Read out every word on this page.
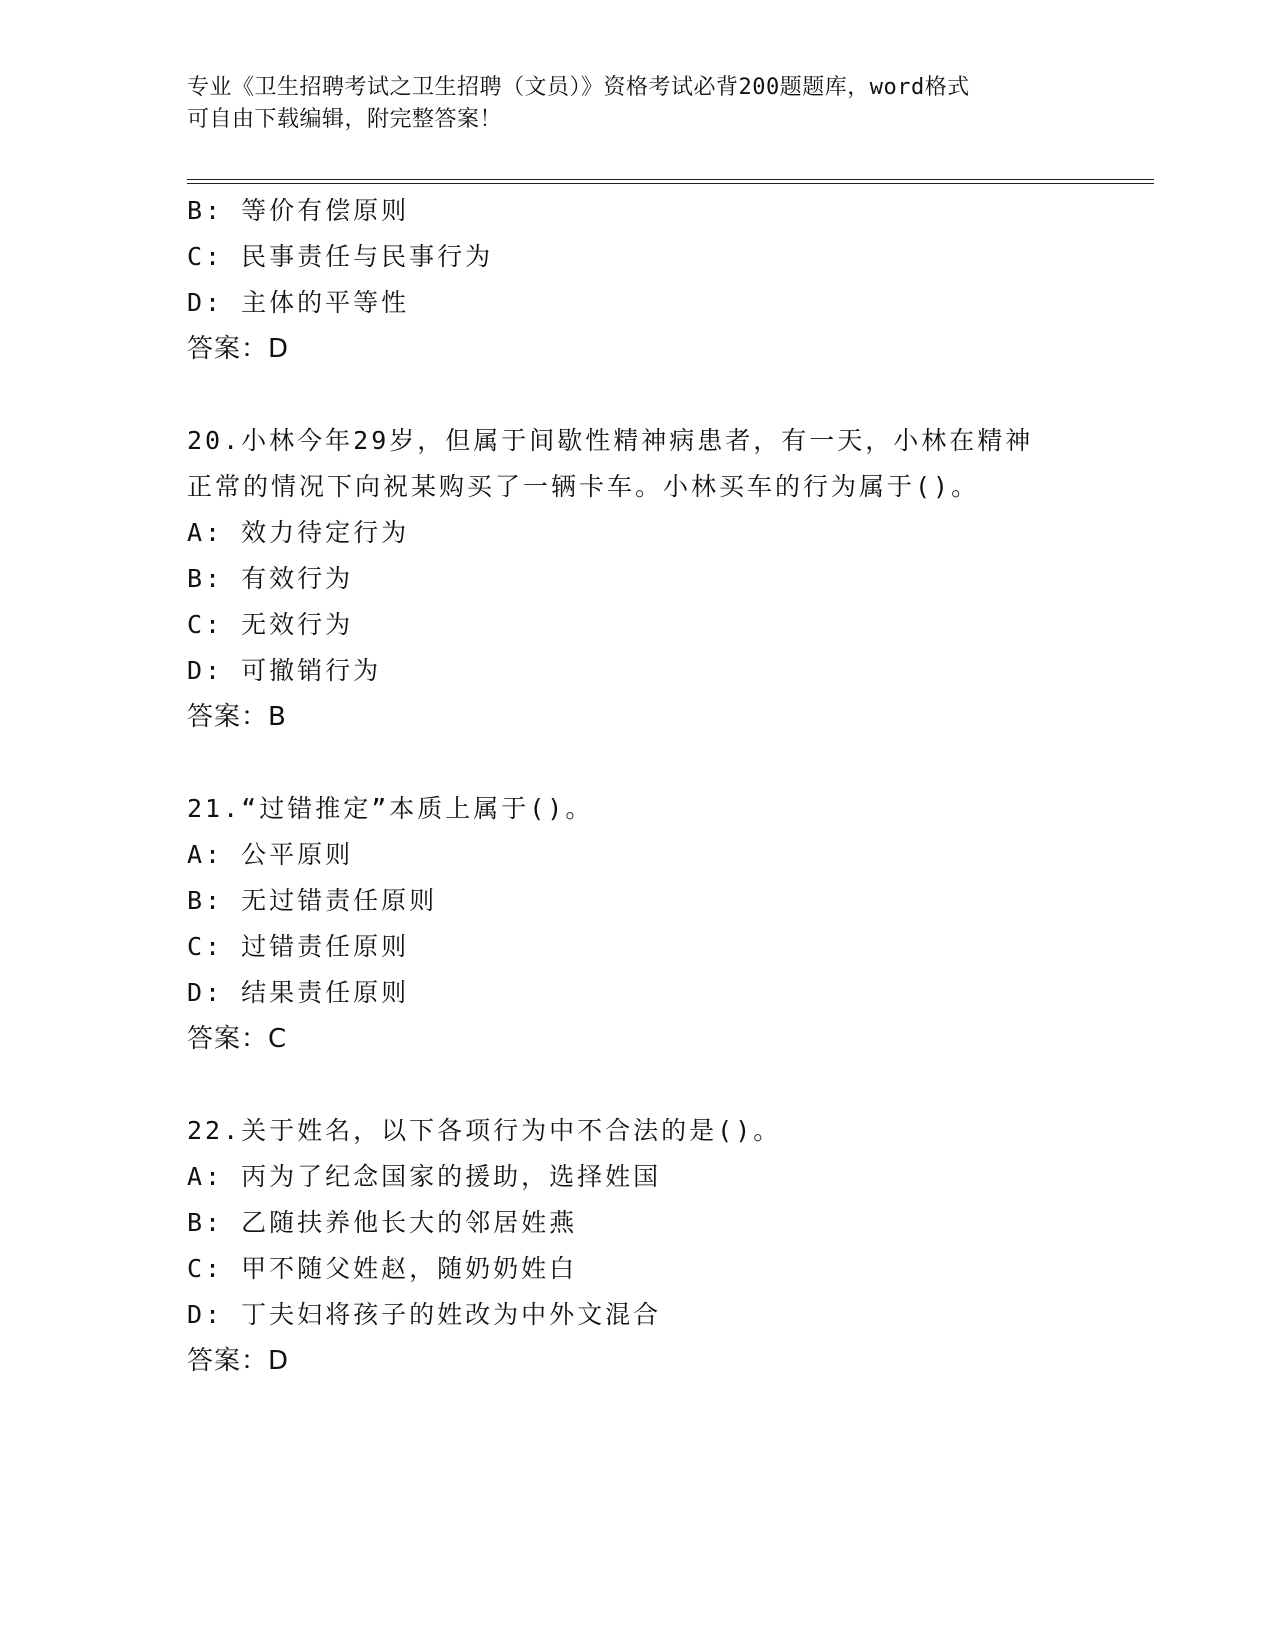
专业《卫生招聘考试之卫生招聘（文员）》资格考试必背200题题库，word格式
可自由下载编辑，附完整答案！
B: 等价有偿原则
C: 民事责任与民事行为
D: 主体的平等性
答案：D
20.小林今年29岁，但属于间歇性精神病患者，有一天，小林在精神
正常的情况下向祝某购买了一辆卡车。小林买车的行为属于()。
A: 效力待定行为
B: 有效行为
C: 无效行为
D: 可撤销行为
答案：B
21.“过错推定”本质上属于()。
A: 公平原则
B: 无过错责任原则
C: 过错责任原则
D: 结果责任原则
答案：C
22.关于姓名，以下各项行为中不合法的是()。
A: 丙为了纪念国家的援助，选择姓国
B: 乙随扶养他长大的邻居姓燕
C: 甲不随父姓赵，随奶奶姓白
D: 丁夫妇将孩子的姓改为中外文混合
答案：D
